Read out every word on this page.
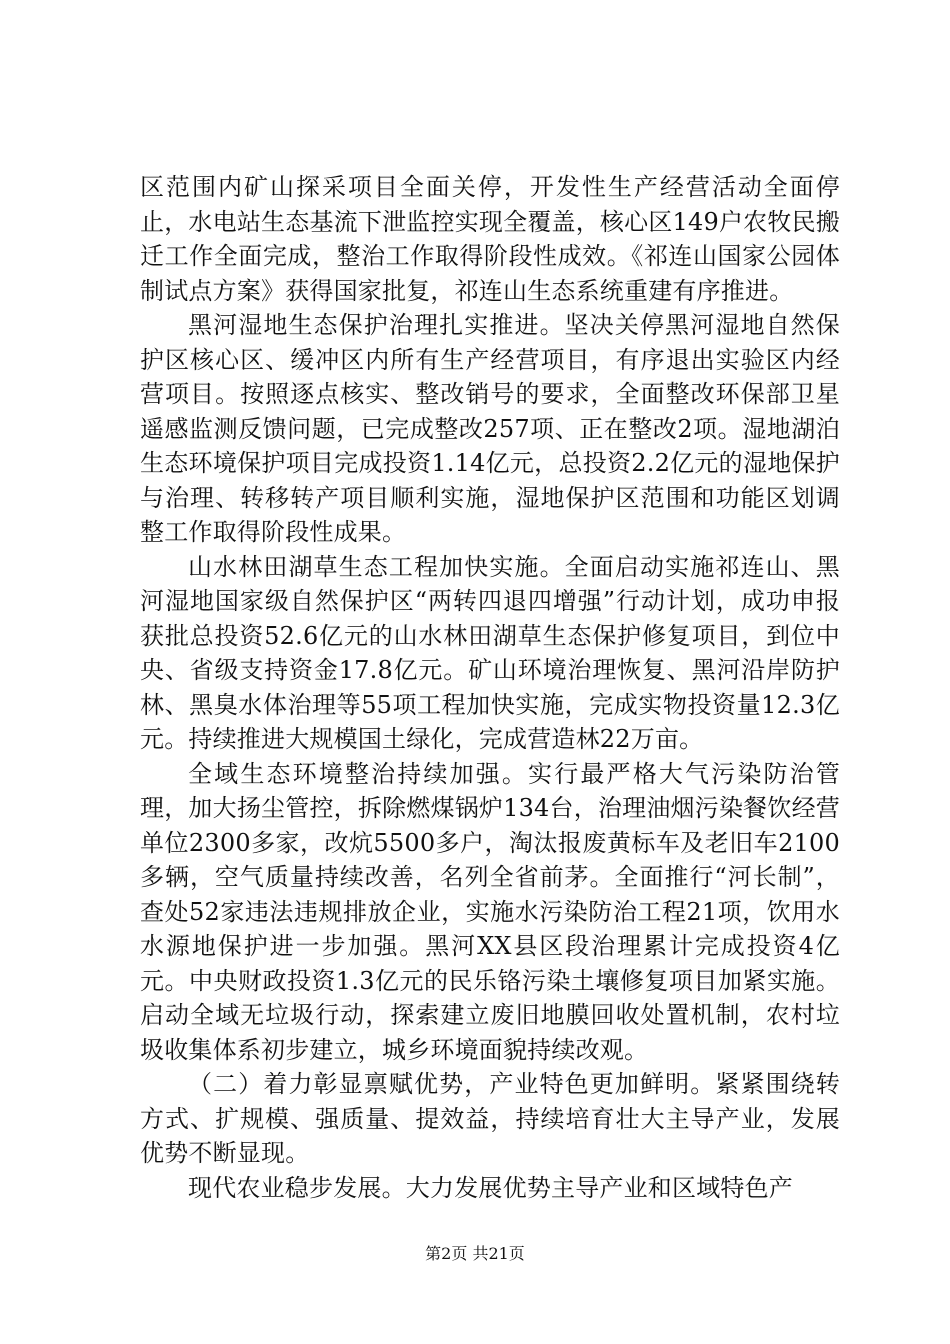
区范围内矿山探采项目全面关停，开发性生产经营活动全面停止，水电站生态基流下泄监控实现全覆盖，核心区149户农牧民搬迁工作全面完成，整治工作取得阶段性成效。《祁连山国家公园体制试点方案》获得国家批复，祁连山生态系统重建有序推进。

黑河湿地生态保护治理扎实推进。坚决关停黑河湿地自然保护区核心区、缓冲区内所有生产经营项目，有序退出实验区内经营项目。按照逐点核实、整改销号的要求，全面整改环保部卫星遥感监测反馈问题，已完成整改257项、正在整改2项。湿地湖泊生态环境保护项目完成投资1.14亿元，总投资2.2亿元的湿地保护与治理、转移转产项目顺利实施，湿地保护区范围和功能区划调整工作取得阶段性成果。

山水林田湖草生态工程加快实施。全面启动实施祁连山、黑河湿地国家级自然保护区“两转四退四增强”行动计划，成功申报获批总投资52.6亿元的山水林田湖草生态保护修复项目，到位中央、省级支持资金17.8亿元。矿山环境治理恢复、黑河沿岸防护林、黑臭水体治理等55项工程加快实施，完成实物投资量12.3亿元。持续推进大规模国土绿化，完成营造林22万亩。

全域生态环境整治持续加强。实行最严格大气污染防治管理，加大扬尘管控，拆除燃煤锅炉134台，治理油烟污染餐饮经营单位2300多家，改炕5500多户，淘汰报废黄标车及老旧车2100多辆，空气质量持续改善，名列全省前茅。全面推行“河长制”，查处52家违法违规排放企业，实施水污染防治工程21项，饮用水水源地保护进一步加强。黑河XX县区段治理累计完成投资4亿元。中央财政投资1.3亿元的民乐铬污染土壤修复项目加紧实施。启动全域无垃圾行动，探索建立废旧地膜回收处置机制，农村垃圾收集体系初步建立，城乡环境面貌持续改观。

（二）着力彰显禀赋优势，产业特色更加鲜明。紧紧围绕转方式、扩规模、强质量、提效益，持续培育壮大主导产业，发展优势不断显现。

现代农业稳步发展。大力发展优势主导产业和区域特色产

第2页 共21页
